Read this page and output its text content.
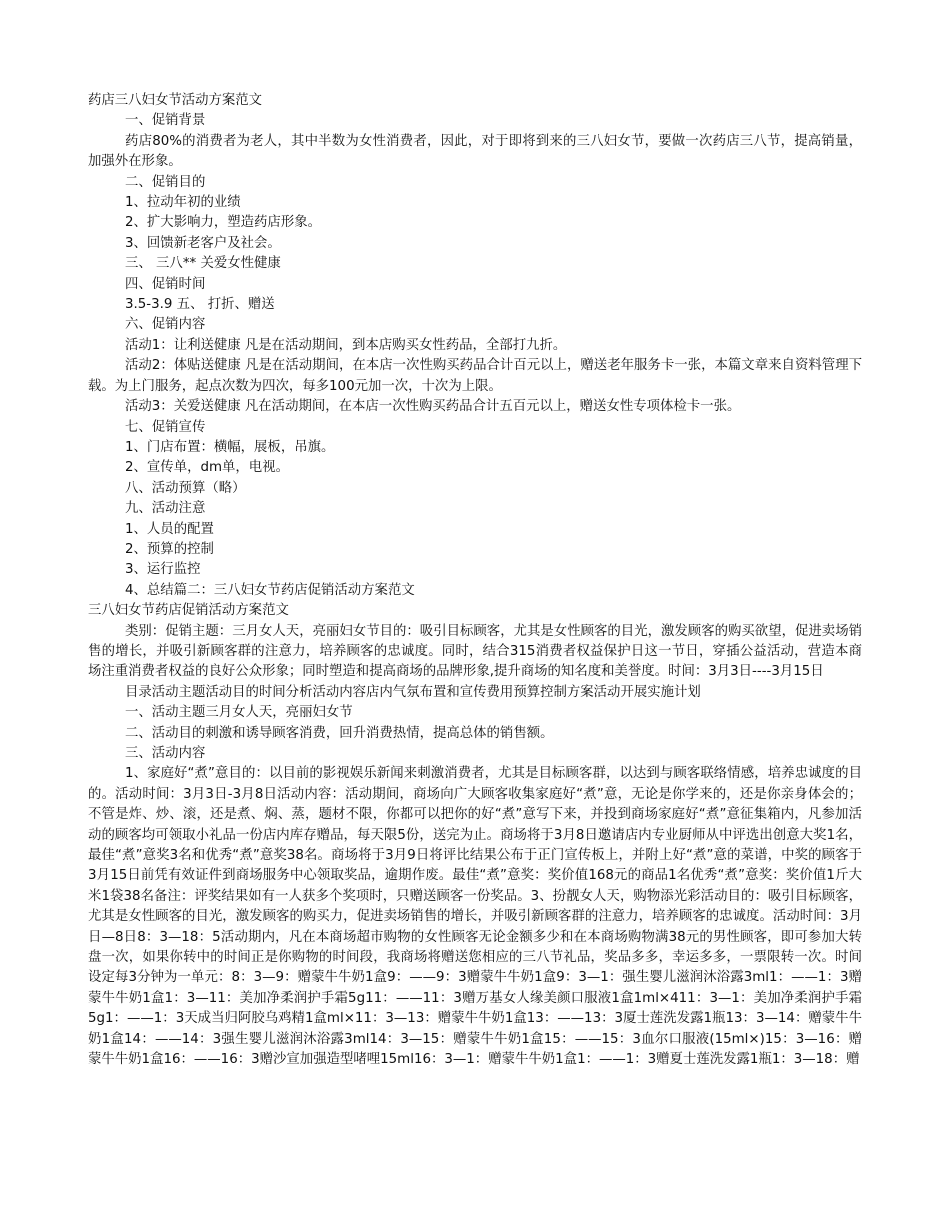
药店三八妇女节活动方案范文
一、促销背景
药店80%的消费者为老人，其中半数为女性消费者，因此，对于即将到来的三八妇女节，要做一次药店三八节，提高销量，加强外在形象。
二、促销目的
1、拉动年初的业绩
2、扩大影响力，塑造药店形象。
3、回馈新老客户及社会。
三、 三八** 关爱女性健康
四、促销时间
3.5-3.9 五、 打折、赠送
六、促销内容
活动1：让利送健康 凡是在活动期间，到本店购买女性药品，全部打九折。
活动2：体贴送健康 凡是在活动期间，在本店一次性购买药品合计百元以上，赠送老年服务卡一张，本篇文章来自资料管理下载。为上门服务，起点次数为四次，每多100元加一次，十次为上限。
活动3：关爱送健康 凡在活动期间，在本店一次性购买药品合计五百元以上，赠送女性专项体检卡一张。
七、促销宣传
1、门店布置：横幅，展板，吊旗。
2、宣传单，dm单，电视。
八、活动预算（略）
九、活动注意
1、人员的配置
2、预算的控制
3、运行监控
4、总结篇二：三八妇女节药店促销活动方案范文
三八妇女节药店促销活动方案范文
类别：促销主题：三月女人天，亮丽妇女节目的：吸引目标顾客，尤其是女性顾客的目光，激发顾客的购买欲望，促进卖场销售的增长，并吸引新顾客群的注意力，培养顾客的忠诚度。同时，结合315消费者权益保护日这一节日，穿插公益活动，营造本商场注重消费者权益的良好公众形象；同时塑造和提高商场的品牌形象,提升商场的知名度和美誉度。时间：3月3日----3月15日
目录活动主题活动目的时间分析活动内容店内气氛布置和宣传费用预算控制方案活动开展实施计划
一、活动主题三月女人天，亮丽妇女节
二、活动目的刺激和诱导顾客消费，回升消费热情，提高总体的销售额。
三、活动内容
1、家庭好“煮”意目的：以目前的影视娱乐新闻来刺激消费者，尤其是目标顾客群，以达到与顾客联络情感，培养忠诚度的目的。活动时间：3月3日-3月8日活动内容：活动期间，商场向广大顾客收集家庭好“煮”意，无论是你学来的，还是你亲身体会的；不管是炸、炒、滚，还是煮、焖、蒸，题材不限，你都可以把你的好“煮”意写下来，并投到商场家庭好“煮”意征集箱内，凡参加活动的顾客均可领取小礼品一份店内库存赠品，每天限5份，送完为止。商场将于3月8日邀请店内专业厨师从中评选出创意大奖1名，最佳“煮”意奖3名和优秀“煮”意奖38名。商场将于3月9日将评比结果公布于正门宣传板上，并附上好“煮”意的菜谱，中奖的顾客于3月15日前凭有效证件到商场服务中心领取奖品，逾期作废。最佳“煮”意奖：奖价值168元的商品1名优秀“煮”意奖：奖价值1斤大米1袋38名备注：评奖结果如有一人获多个奖项时，只赠送顾客一份奖品。3、扮靓女人天，购物添光彩活动目的：吸引目标顾客，尤其是女性顾客的目光，激发顾客的购买力，促进卖场销售的增长，并吸引新顾客群的注意力，培养顾客的忠诚度。活动时间：3月日—8日8：3—18：5活动期内，凡在本商场超市购物的女性顾客无论金额多少和在本商场购物满38元的男性顾客，即可参加大转盘一次，如果你转中的时间正是你购物的时间段，我商场将赠送您相应的三八节礼品，奖品多多，幸运多多，一票限转一次。时间设定每3分钟为一单元：8：3—9：赠蒙牛牛奶1盒9：——9：3赠蒙牛牛奶1盒9：3—1：强生婴儿滋润沐浴露3ml1：——1：3赠蒙牛牛奶1盒1：3—11：美加净柔润护手霜5g11：——11：3赠万基女人缘美颜口服液1盒1ml×411：3—1：美加净柔润护手霜5g1：——1：3天成当归阿胶乌鸡精1盒ml×11：3—13：赠蒙牛牛奶1盒13：——13：3厦士莲洗发露1瓶13：3—14：赠蒙牛牛奶1盒14：——14：3强生婴儿滋润沐浴露3ml14：3—15：赠蒙牛牛奶1盒15：——15：3血尔口服液(15ml×)15：3—16：赠蒙牛牛奶1盒16：——16：3赠沙宣加强造型啫哩15ml16：3—1：赠蒙牛牛奶1盒1：——1：3赠夏士莲洗发露1瓶1：3—18：赠
